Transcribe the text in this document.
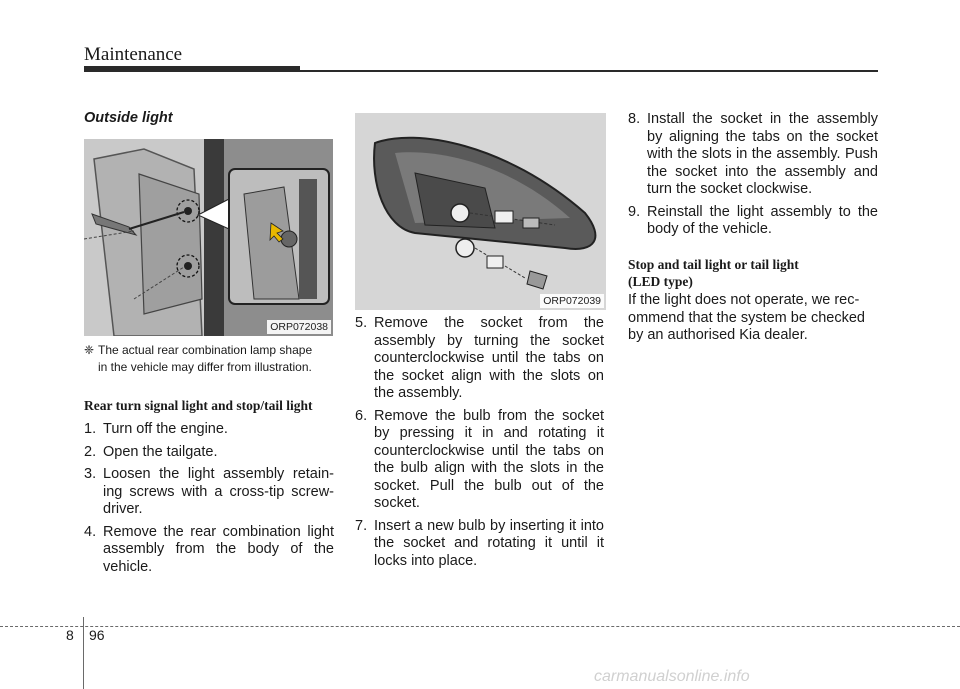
Maintenance
Outside light
ORP072038
❈ The actual rear combination lamp shape
in the vehicle may differ from illustration.
Rear turn signal light and stop/tail light
1. Turn off the engine.
2. Open the tailgate.
3. Loosen the light assembly retain-ing screws with a cross-tip screw-driver.
4. Remove the rear combination light assembly from the body of the vehicle.
ORP072039
5. Remove the socket from the assembly by turning the socket counterclockwise until the tabs on the socket align with the slots on the assembly.
6. Remove the bulb from the socket by pressing it in and rotating it counterclockwise until the tabs on the bulb align with the slots in the socket. Pull the bulb out of the socket.
7. Insert a new bulb by inserting it into the socket and rotating it until it locks into place.
8. Install the socket in the assembly by aligning the tabs on the socket with the slots in the assembly. Push the socket into the assembly and turn the socket clockwise.
9. Reinstall the light assembly to the body of the vehicle.
Stop and tail light or tail light
(LED type)
If the light does not operate, we rec-ommend that the system be checked by an authorised Kia dealer.
8 96
carmanualsonline.info
